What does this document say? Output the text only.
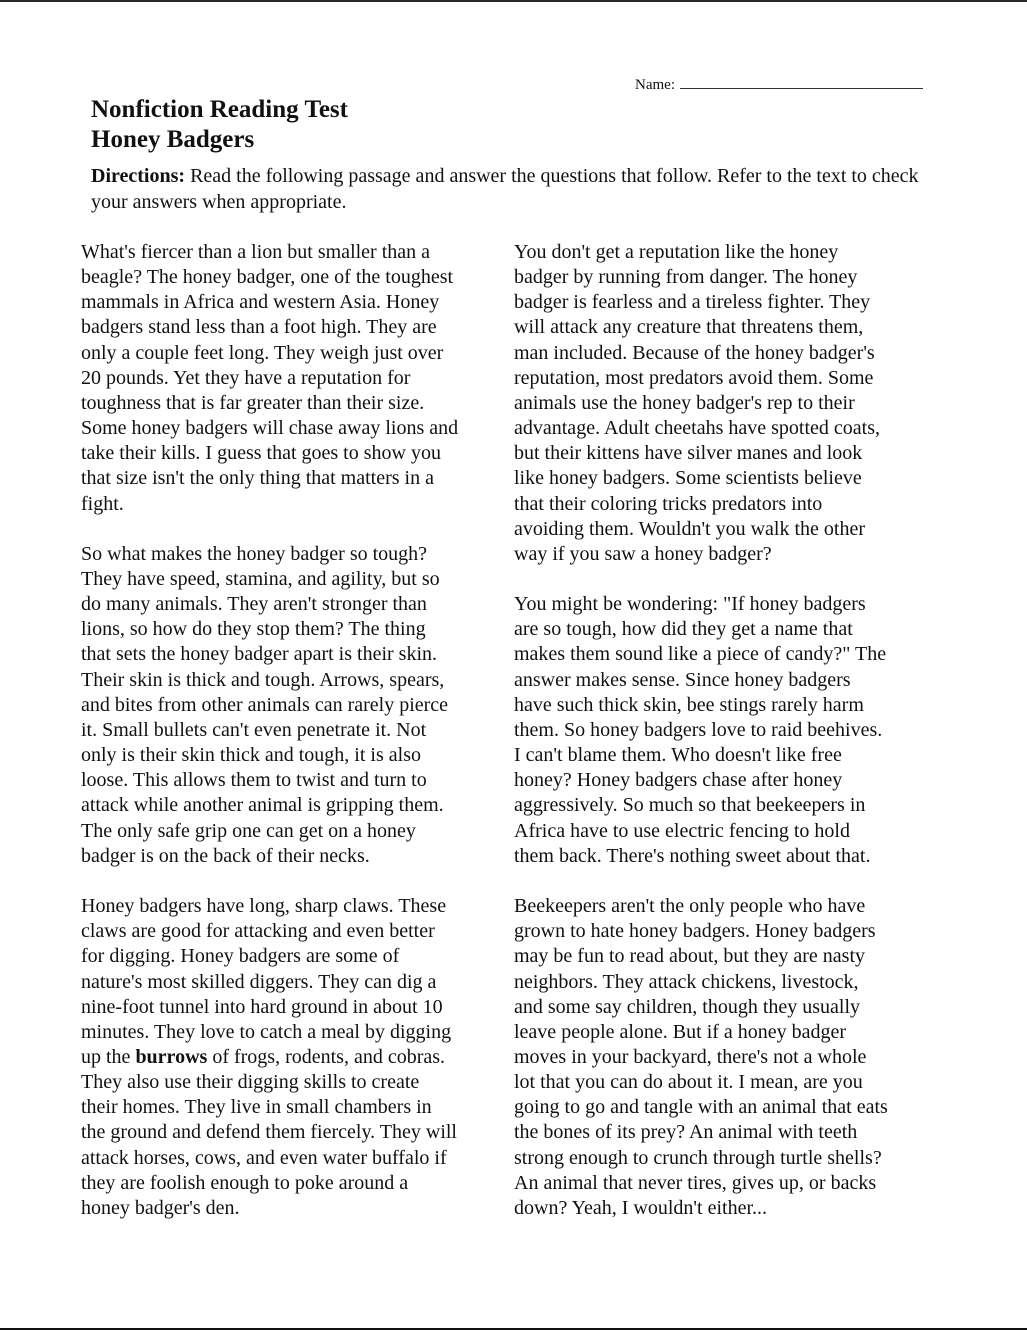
Name:
Nonfiction Reading Test
Honey Badgers
Directions: Read the following passage and answer the questions that follow. Refer to the text to check your answers when appropriate.
What's fiercer than a lion but smaller than a
beagle? The honey badger, one of the toughest
mammals in Africa and western Asia. Honey
badgers stand less than a foot high. They are
only a couple feet long. They weigh just over
20 pounds. Yet they have a reputation for
toughness that is far greater than their size.
Some honey badgers will chase away lions and
take their kills. I guess that goes to show you
that size isn't the only thing that matters in a
fight.
So what makes the honey badger so tough?
They have speed, stamina, and agility, but so
do many animals. They aren't stronger than
lions, so how do they stop them? The thing
that sets the honey badger apart is their skin.
Their skin is thick and tough. Arrows, spears,
and bites from other animals can rarely pierce
it. Small bullets can't even penetrate it. Not
only is their skin thick and tough, it is also
loose. This allows them to twist and turn to
attack while another animal is gripping them.
The only safe grip one can get on a honey
badger is on the back of their necks.
Honey badgers have long, sharp claws. These
claws are good for attacking and even better
for digging. Honey badgers are some of
nature's most skilled diggers. They can dig a
nine-foot tunnel into hard ground in about 10
minutes. They love to catch a meal by digging
up the burrows of frogs, rodents, and cobras.
They also use their digging skills to create
their homes. They live in small chambers in
the ground and defend them fiercely. They will
attack horses, cows, and even water buffalo if
they are foolish enough to poke around a
honey badger's den.
You don't get a reputation like the honey
badger by running from danger. The honey
badger is fearless and a tireless fighter. They
will attack any creature that threatens them,
man included. Because of the honey badger's
reputation, most predators avoid them. Some
animals use the honey badger's rep to their
advantage. Adult cheetahs have spotted coats,
but their kittens have silver manes and look
like honey badgers. Some scientists believe
that their coloring tricks predators into
avoiding them. Wouldn't you walk the other
way if you saw a honey badger?
You might be wondering: "If honey badgers
are so tough, how did they get a name that
makes them sound like a piece of candy?" The
answer makes sense. Since honey badgers
have such thick skin, bee stings rarely harm
them. So honey badgers love to raid beehives.
I can't blame them. Who doesn't like free
honey? Honey badgers chase after honey
aggressively. So much so that beekeepers in
Africa have to use electric fencing to hold
them back. There's nothing sweet about that.
Beekeepers aren't the only people who have
grown to hate honey badgers. Honey badgers
may be fun to read about, but they are nasty
neighbors. They attack chickens, livestock,
and some say children, though they usually
leave people alone. But if a honey badger
moves in your backyard, there's not a whole
lot that you can do about it. I mean, are you
going to go and tangle with an animal that eats
the bones of its prey? An animal with teeth
strong enough to crunch through turtle shells?
An animal that never tires, gives up, or backs
down? Yeah, I wouldn't either...
